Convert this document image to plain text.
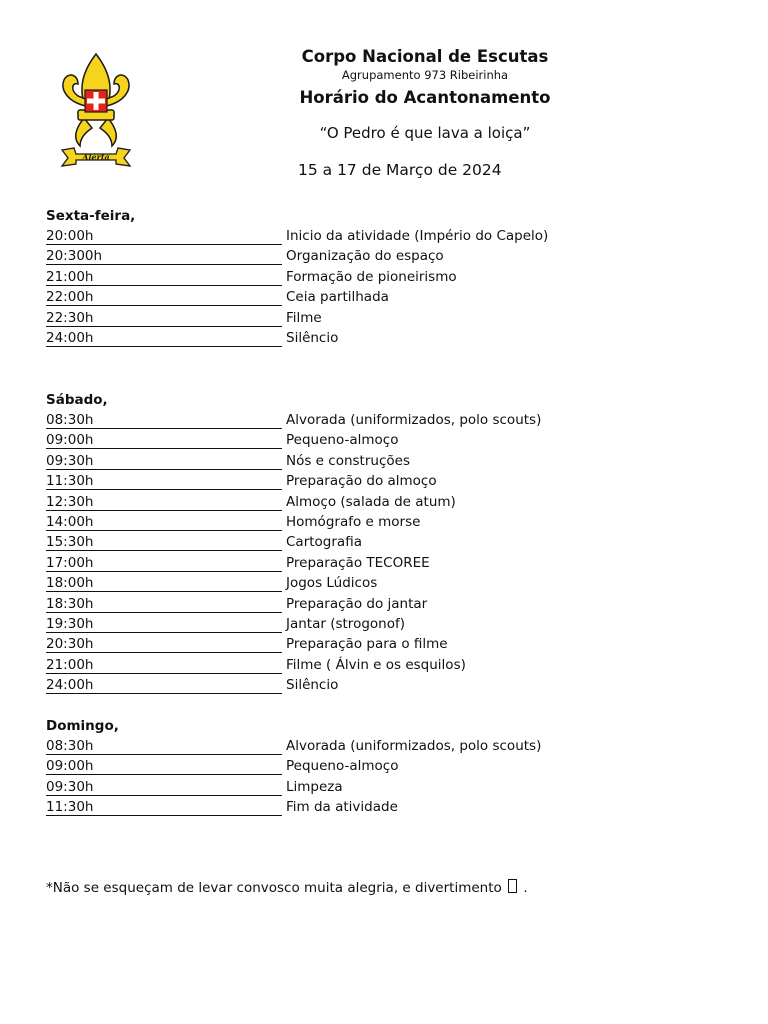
Alerta
Corpo Nacional de Escutas
Agrupamento 973 Ribeirinha
Horário do Acantonamento
“O Pedro é que lava a loiça”
15 a 17 de Março de 2024
Sexta-feira,
20:00h	Inicio da atividade (Império do Capelo)
20:300h	Organização do espaço
21:00h	Formação de pioneirismo
22:00h	Ceia partilhada
22:30h	Filme
24:00h	Silêncio
Sábado,
08:30h	Alvorada (uniformizados, polo scouts)
09:00h	Pequeno-almoço
09:30h	Nós e construções
11:30h	Preparação do almoço
12:30h	Almoço (salada de atum)
14:00h	Homógrafo e morse
15:30h	Cartografia
17:00h	Preparação TECOREE
18:00h	Jogos Lúdicos
18:30h	Preparação do jantar
19:30h	Jantar (strogonof)
20:30h	Preparação para o filme
21:00h	Filme ( Álvin e os esquilos)
24:00h	Silêncio
Domingo,
08:30h	Alvorada (uniformizados, polo scouts)
09:00h	Pequeno-almoço
09:30h	Limpeza
11:30h	Fim da atividade
*Não se esqueçam de levar convosco muita alegria, e divertimento  .
